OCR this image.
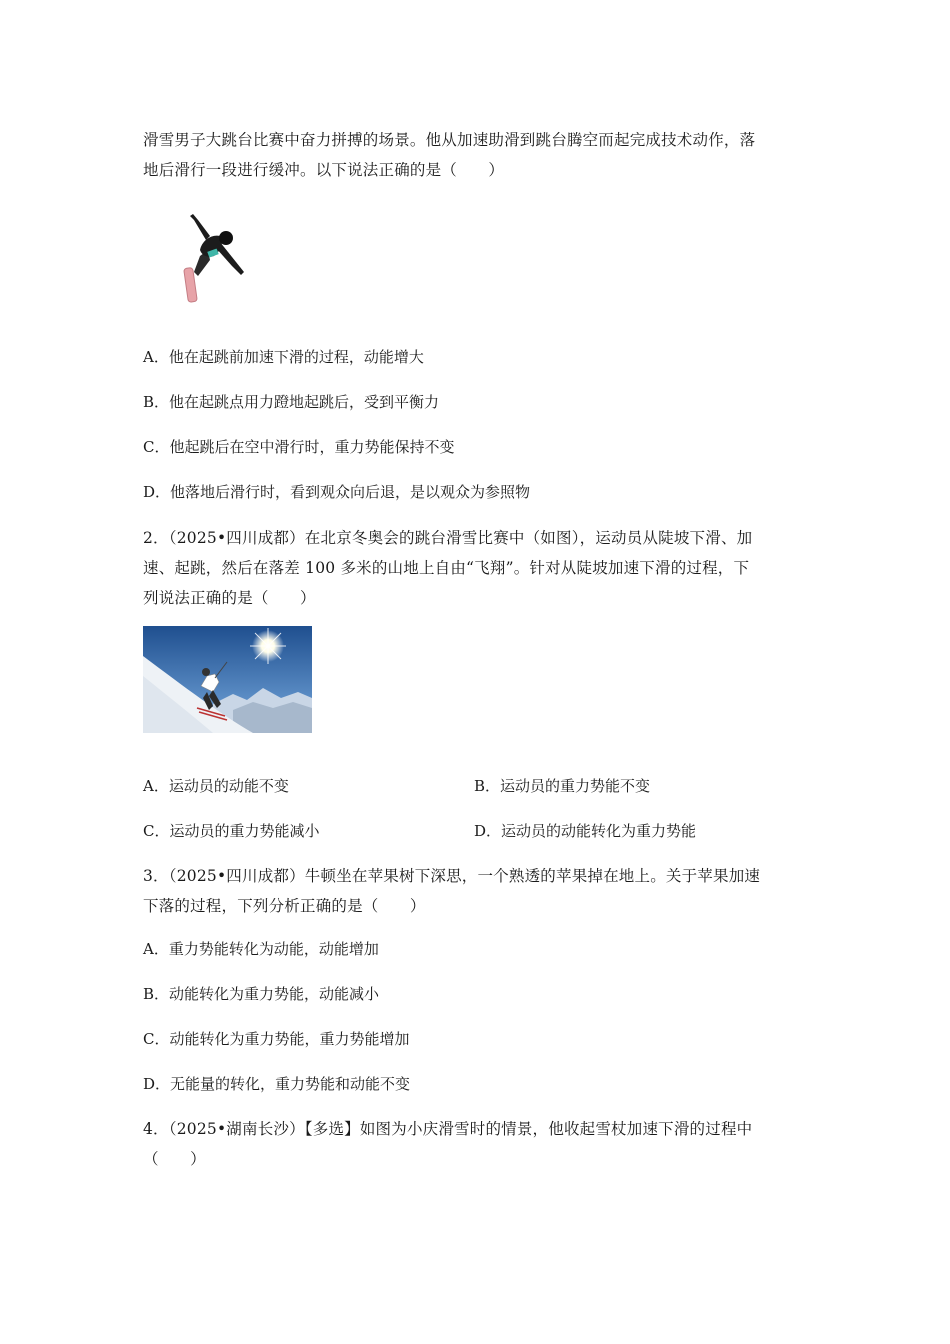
滑雪男子大跳台比赛中奋力拼搏的场景。他从加速助滑到跳台腾空而起完成技术动作，落
地后滑行一段进行缓冲。以下说法正确的是（　　）
A．他在起跳前加速下滑的过程，动能增大
B．他在起跳点用力蹬地起跳后，受到平衡力
C．他起跳后在空中滑行时，重力势能保持不变
D．他落地后滑行时，看到观众向后退，是以观众为参照物
2．（2025•四川成都）在北京冬奥会的跳台滑雪比赛中（如图），运动员从陡坡下滑、加
速、起跳，然后在落差 100 多米的山地上自由“飞翔”。针对从陡坡加速下滑的过程，下
列说法正确的是（　　）
A．运动员的动能不变	B．运动员的重力势能不变
C．运动员的重力势能减小	D．运动员的动能转化为重力势能
3．（2025•四川成都）牛顿坐在苹果树下深思，一个熟透的苹果掉在地上。关于苹果加速
下落的过程，下列分析正确的是（　　）
A．重力势能转化为动能，动能增加
B．动能转化为重力势能，动能减小
C．动能转化为重力势能，重力势能增加
D．无能量的转化，重力势能和动能不变
4．（2025•湖南长沙）【多选】如图为小庆滑雪时的情景，他收起雪杖加速下滑的过程中
（　　）
